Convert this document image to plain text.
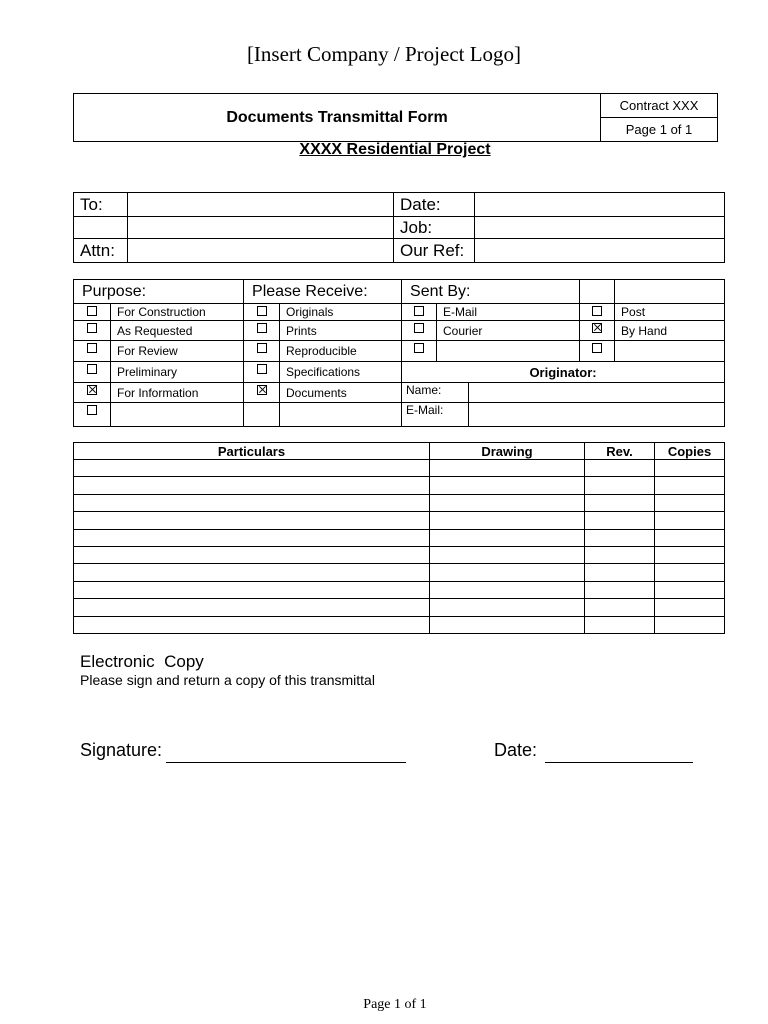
[Insert Company / Project Logo]
Documents Transmittal Form	Contract XXX
Page 1 of 1
XXXX Residential Project
To:		Date:	
		Job:	
Attn:		Our Ref:	
Purpose:		Please Receive:		Sent By:				
	For Construction		Originals		E-Mail			Post
	As Requested		Prints		Courier			By Hand
	For Review		Reproducible					
	Preliminary		Specifications	Originator:				
	For Information		Documents	Name:				
				E-Mail:				
Particulars	Drawing	Rev.	Copies

Electronic  Copy
Please sign and return a copy of this transmittal
Signature:	Date:
Page 1 of 1
